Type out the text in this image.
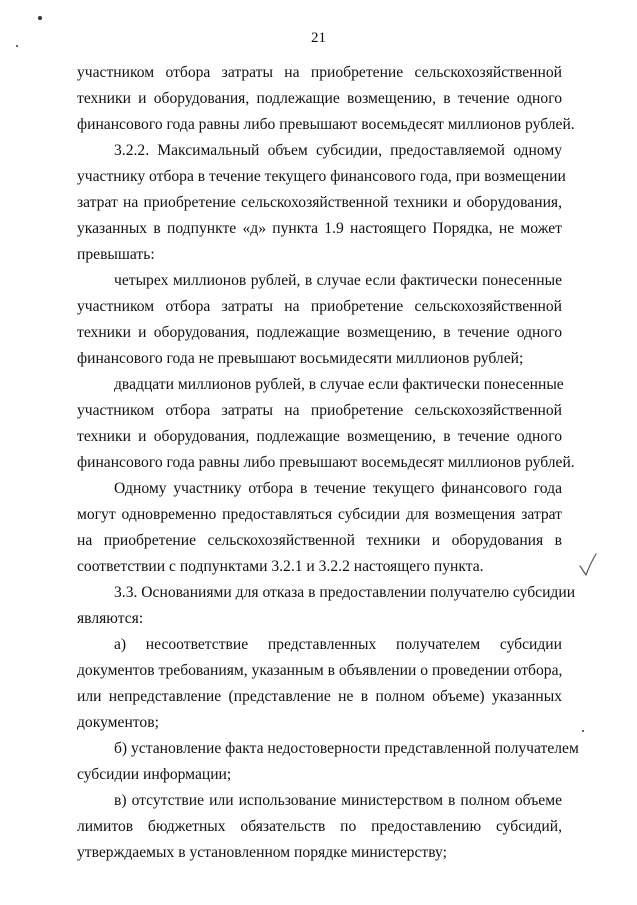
21
участником отбора затраты на приобретение сельскохозяйственной
техники и оборудования, подлежащие возмещению, в течение одного
финансового года равны либо превышают восемьдесят миллионов рублей.
3.2.2. Максимальный объем субсидии, предоставляемой одному
участнику отбора в течение текущего финансового года, при возмещении
затрат на приобретение сельскохозяйственной техники и оборудования,
указанных в подпункте «д» пункта 1.9 настоящего Порядка, не может
превышать:
четырех миллионов рублей, в случае если фактически понесенные
участником отбора затраты на приобретение сельскохозяйственной
техники и оборудования, подлежащие возмещению, в течение одного
финансового года не превышают восьмидесяти миллионов рублей;
двадцати миллионов рублей, в случае если фактически понесенные
участником отбора затраты на приобретение сельскохозяйственной
техники и оборудования, подлежащие возмещению, в течение одного
финансового года равны либо превышают восемьдесят миллионов рублей.
Одному участнику отбора в течение текущего финансового года
могут одновременно предоставляться субсидии для возмещения затрат
на приобретение сельскохозяйственной техники и оборудования в
соответствии с подпунктами 3.2.1 и 3.2.2 настоящего пункта.
3.3. Основаниями для отказа в предоставлении получателю субсидии
являются:
а) несоответствие представленных получателем субсидии
документов требованиям, указанным в объявлении о проведении отбора,
или непредставление (представление не в полном объеме) указанных
документов;
б) установление факта недостоверности представленной получателем
субсидии информации;
в) отсутствие или использование министерством в полном объеме
лимитов бюджетных обязательств по предоставлению субсидий,
утверждаемых в установленном порядке министерству;
